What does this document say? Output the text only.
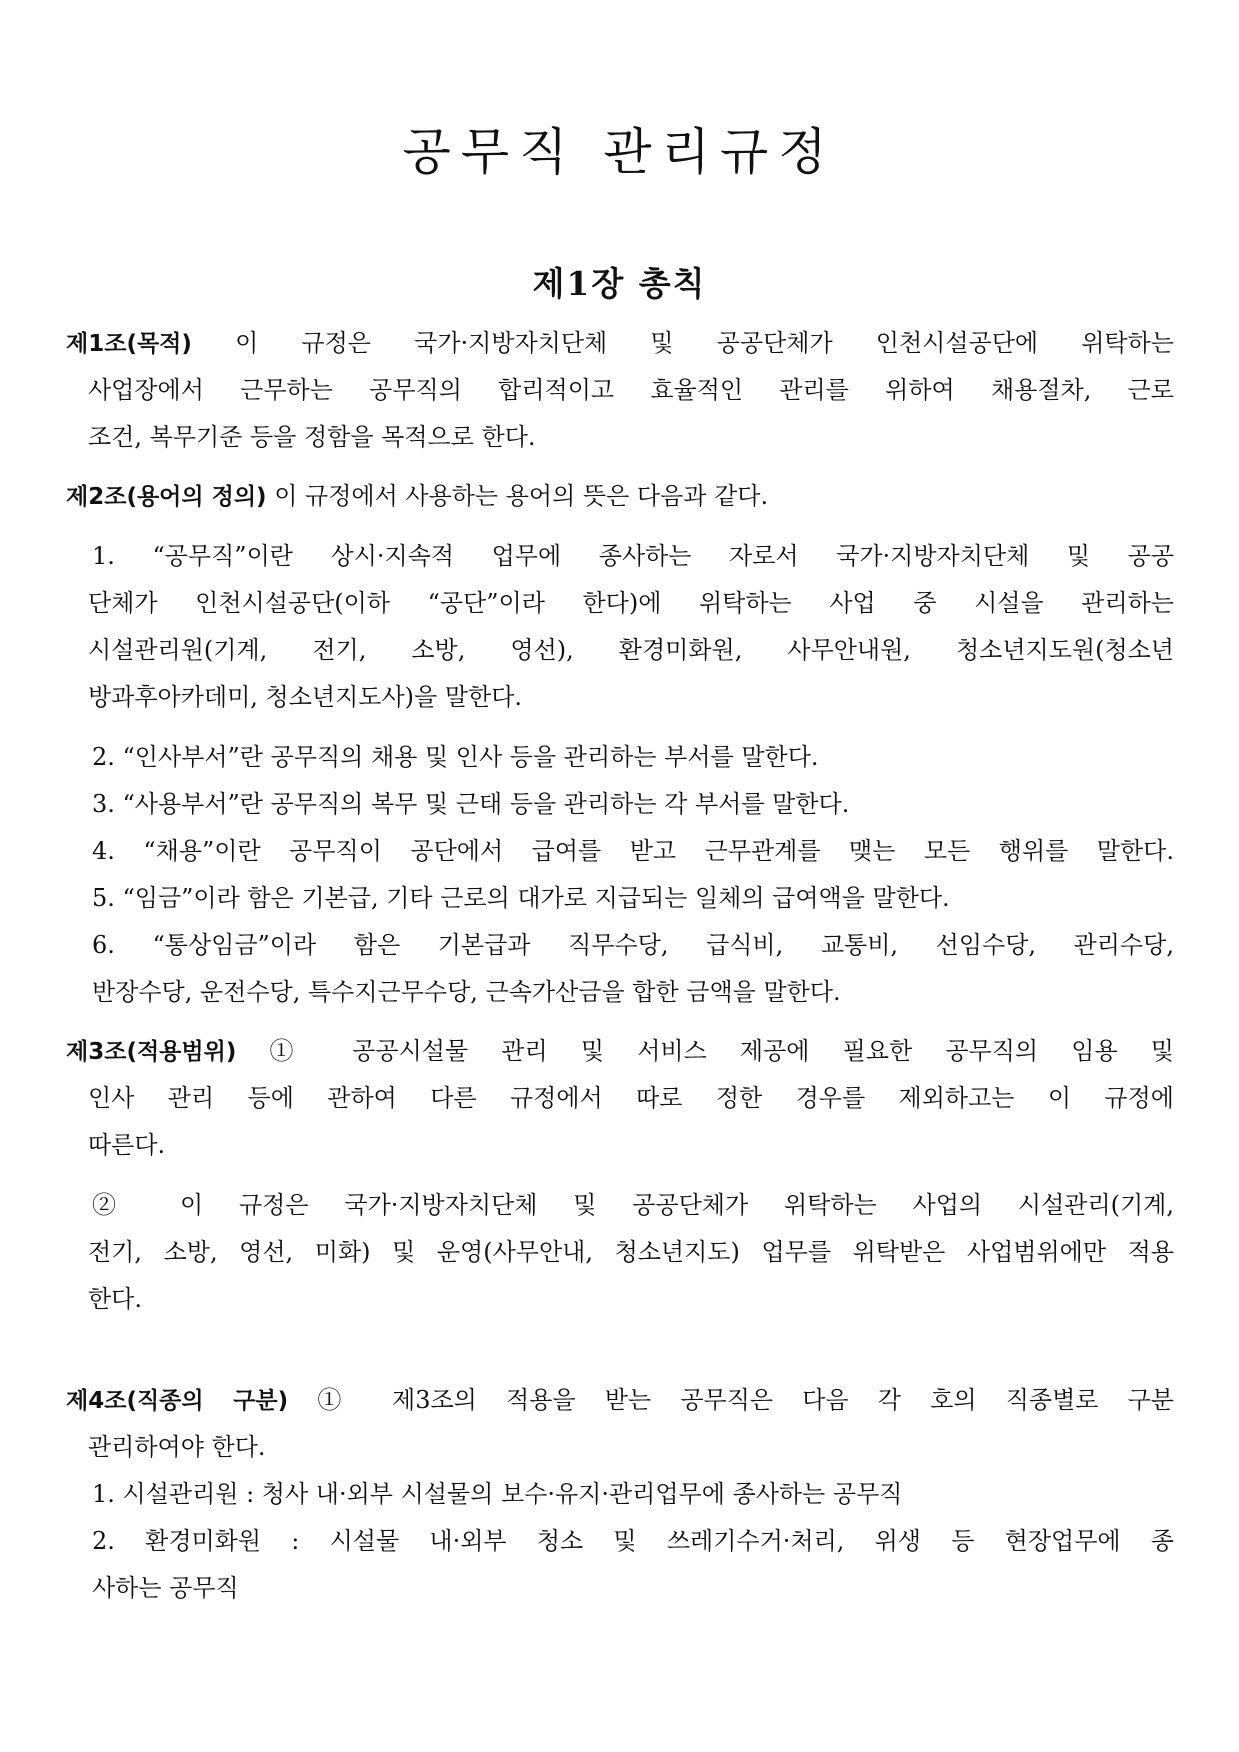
공무직 관리규정
제1장 총칙
제1조(목적) 이 규정은 국가·지방자치단체 및 공공단체가 인천시설공단에 위탁하는
사업장에서 근무하는 공무직의 합리적이고 효율적인 관리를 위하여 채용절차, 근로
조건, 복무기준 등을 정함을 목적으로 한다.
제2조(용어의 정의) 이 규정에서 사용하는 용어의 뜻은 다음과 같다.
1. “공무직”이란 상시·지속적 업무에 종사하는 자로서 국가·지방자치단체 및 공공
단체가 인천시설공단(이하 “공단”이라 한다)에 위탁하는 사업 중 시설을 관리하는
시설관리원(기계, 전기, 소방, 영선), 환경미화원, 사무안내원, 청소년지도원(청소년
방과후아카데미, 청소년지도사)을 말한다.
2. “인사부서”란 공무직의 채용 및 인사 등을 관리하는 부서를 말한다.
3. “사용부서”란 공무직의 복무 및 근태 등을 관리하는 각 부서를 말한다.
4. “채용”이란 공무직이 공단에서 급여를 받고 근무관계를 맺는 모든 행위를 말한다.
5. “임금”이라 함은 기본급, 기타 근로의 대가로 지급되는 일체의 급여액을 말한다.
6. “통상임금”이라 함은 기본급과 직무수당, 급식비, 교통비, 선임수당, 관리수당,
반장수당, 운전수당, 특수지근무수당, 근속가산금을 합한 금액을 말한다.
제3조(적용범위) ① 공공시설물 관리 및 서비스 제공에 필요한 공무직의 임용 및
인사 관리 등에 관하여 다른 규정에서 따로 정한 경우를 제외하고는 이 규정에
따른다.
② 이 규정은 국가·지방자치단체 및 공공단체가 위탁하는 사업의 시설관리(기계,
전기, 소방, 영선, 미화) 및 운영(사무안내, 청소년지도) 업무를 위탁받은 사업범위에만 적용
한다.
제4조(직종의 구분) ① 제3조의 적용을 받는 공무직은 다음 각 호의 직종별로 구분
관리하여야 한다.
1. 시설관리원 : 청사 내·외부 시설물의 보수·유지·관리업무에 종사하는 공무직
2. 환경미화원 : 시설물 내·외부 청소 및 쓰레기수거·처리, 위생 등 현장업무에 종
사하는 공무직
